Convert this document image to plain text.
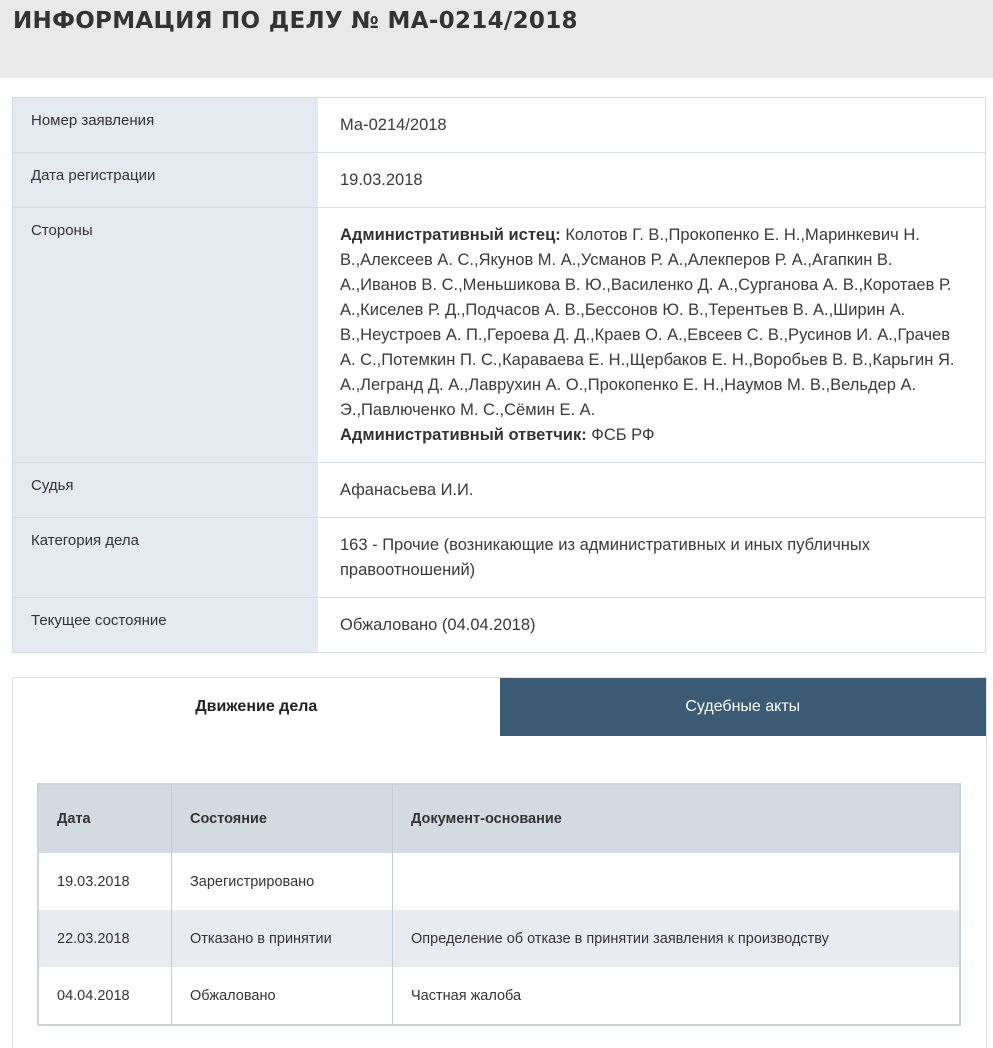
ИНФОРМАЦИЯ ПО ДЕЛУ № МА-0214/2018
Номер заявления	Ма-0214/2018
Дата регистрации	19.03.2018
Стороны	Административный истец: Колотов Г. В.,Прокопенко Е. Н.,Маринкевич Н. В.,Алексеев А. С.,Якунов М. А.,Усманов Р. А.,Алекперов Р. А.,Агапкин В. А.,Иванов В. С.,Меньшикова В. Ю.,Василенко Д. А.,Сурганова А. В.,Коротаев Р. А.,Киселев Р. Д.,Подчасов А. В.,Бессонов Ю. В.,Терентьев В. А.,Ширин А. В.,Неустроев А. П.,Героева Д. Д.,Краев О. А.,Евсеев С. В.,Русинов И. А.,Грачев А. С.,Потемкин П. С.,Караваева Е. Н.,Щербаков Е. Н.,Воробьев В. В.,Карьгин Я. А.,Легранд Д. А.,Лаврухин А. О.,Прокопенко Е. Н.,Наумов М. В.,Вельдер А. Э.,Павлюченко М. С.,Сёмин Е. А.
Административный ответчик: ФСБ РФ
Судья	Афанасьева И.И.
Категория дела	163 - Прочие (возникающие из административных и иных публичных правоотношений)
Текущее состояние	Обжаловано (04.04.2018)
Движение дела	Судебные акты
Дата	Состояние	Документ-основание
19.03.2018	Зарегистрировано	
22.03.2018	Отказано в принятии	Определение об отказе в принятии заявления к производству
04.04.2018	Обжаловано	Частная жалоба
